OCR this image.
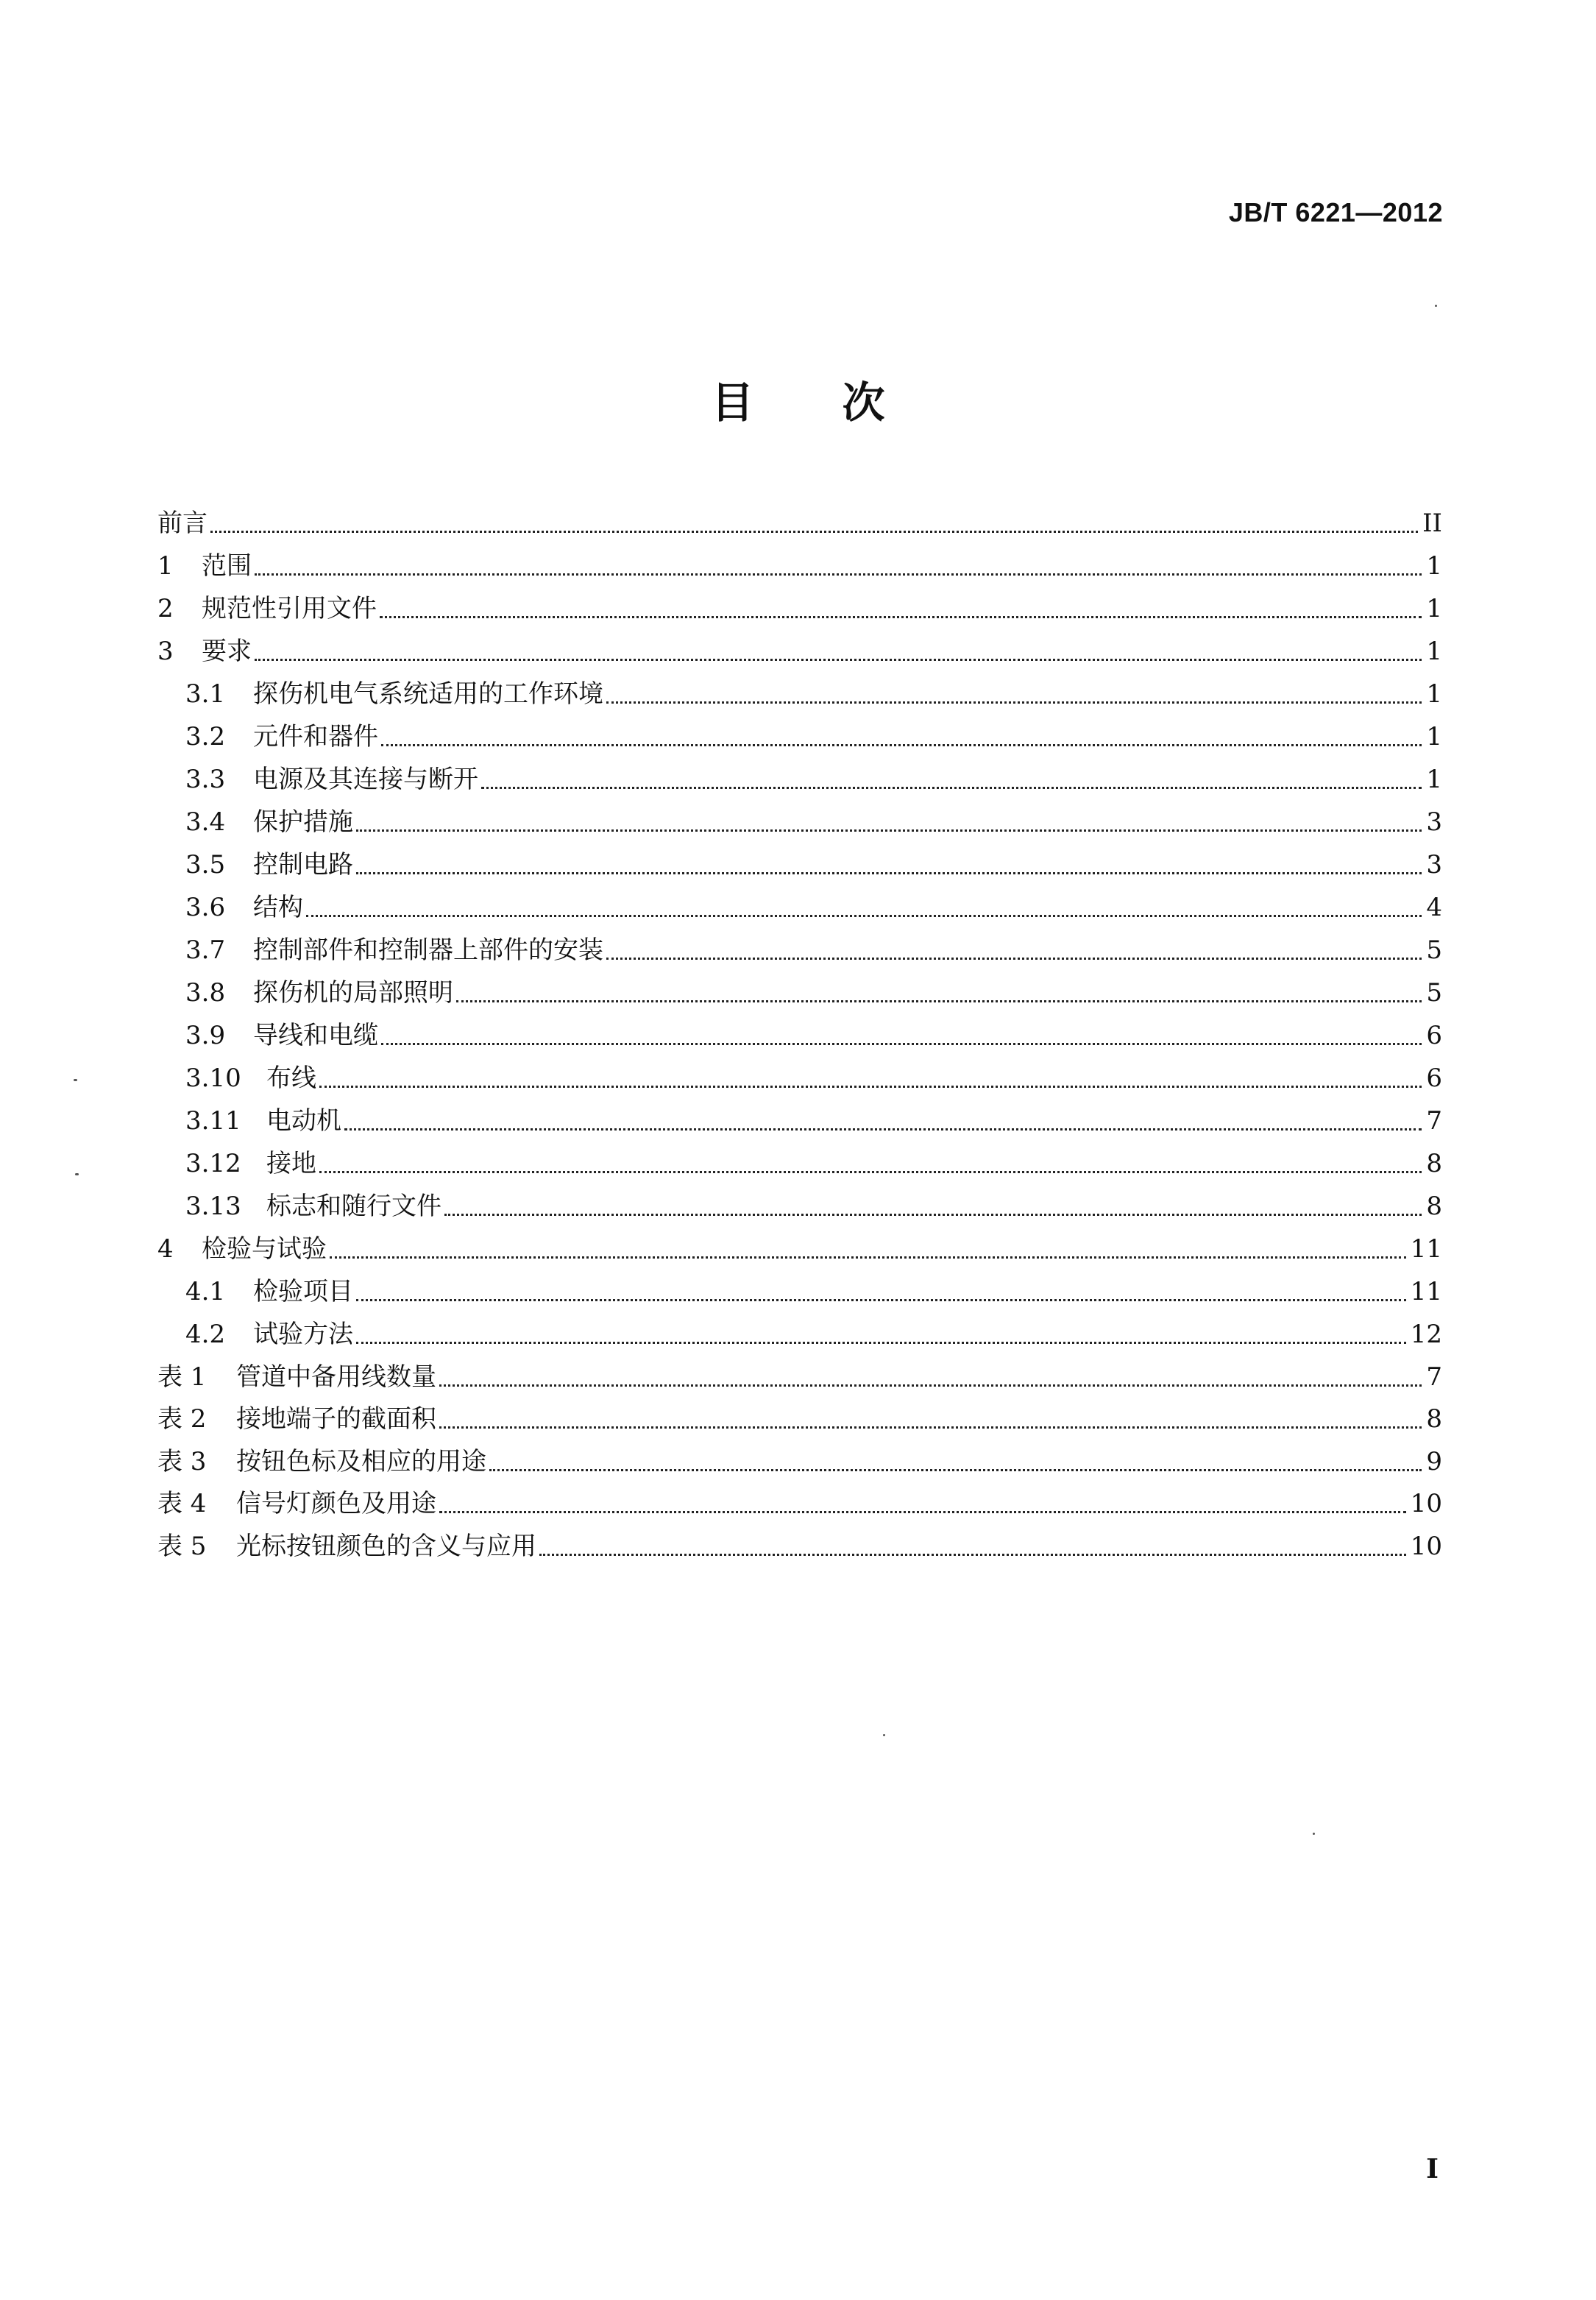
JB/T 6221—2012
目 次
前言	II
1	范围	1
2	规范性引用文件	1
3	要求	1
3.1	探伤机电气系统适用的工作环境	1
3.2	元件和器件	1
3.3	电源及其连接与断开	1
3.4	保护措施	3
3.5	控制电路	3
3.6	结构	4
3.7	控制部件和控制器上部件的安装	5
3.8	探伤机的局部照明	5
3.9	导线和电缆	6
3.10	布线	6
3.11	电动机	7
3.12	接地	8
3.13	标志和随行文件	8
4	检验与试验	11
4.1	检验项目	11
4.2	试验方法	12
表 1	管道中备用线数量	7
表 2	接地端子的截面积	8
表 3	按钮色标及相应的用途	9
表 4	信号灯颜色及用途	10
表 5	光标按钮颜色的含义与应用	10
I
